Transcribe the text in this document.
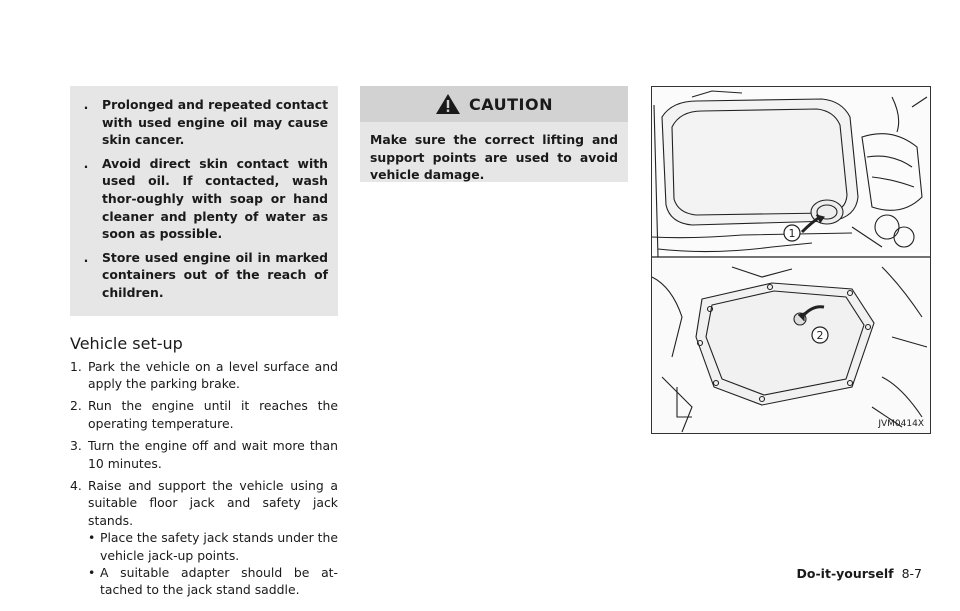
.	Prolonged and repeated contact with used engine oil may cause skin cancer.
.	Avoid direct skin contact with used oil. If contacted, wash thor-oughly with soap or hand cleaner and plenty of water as soon as possible.
.	Store used engine oil in marked containers out of the reach of children.
Vehicle set-up
1. Park the vehicle on a level surface and apply the parking brake.
2. Run the engine until it reaches the operating temperature.
3. Turn the engine off and wait more than 10 minutes.
4. Raise and support the vehicle using a suitable floor jack and safety jack stands.
• Place the safety jack stands under the vehicle jack-up points.
• A suitable adapter should be at-tached to the jack stand saddle.
CAUTION
Make sure the correct lifting and support points are used to avoid vehicle damage.
1
2
JVM0414X
Do-it-yourself 8-7
